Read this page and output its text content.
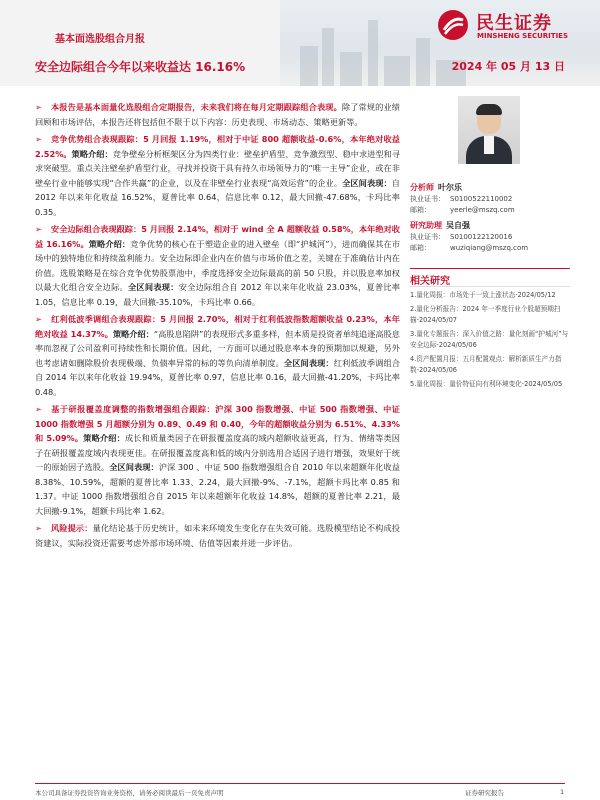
基本面选股组合月报
安全边际组合今年以来收益达 16.16%	2024 年 05 月 13 日
民生证券
MINSHENG SECURITIES

➢ 本报告是基本面量化选股组合定期报告，未来我们将在每月定期跟踪组合表现。除了常规的业绩回顾和市场评估，本报告还将包括但不限于以下内容：历史表现、市场动态、策略更新等。

➢ 竞争优势组合表现跟踪：5 月回报 1.19%，相对于中证 800 超额收益-0.6%，本年绝对收益 2.52%。策略介绍：竞争壁垒分析框架区分为四类行业：壁垒护盾型、竞争激烈型、稳中求进型和寻求突破型。重点关注壁垒护盾型行业，寻找并投资于具有持久市场领导力的“唯一主导”企业，或在非壁垒行业中能够实现“合作共赢”的企业，以及在非壁垒行业表现“高效运营”的企业。全区间表现：自 2012 年以来年化收益 16.52%，夏普比率 0.64，信息比率 0.12，最大回撤-47.68%，卡玛比率 0.35。

➢ 安全边际组合表现跟踪：5 月回报 2.14%，相对于 wind 全 A 超额收益 0.58%，本年绝对收益 16.16%。策略介绍：竞争优势的核心在于塑造企业的进入壁垒（即“护城河”），进而确保其在市场中的独特地位和持续盈利能力。安全边际即企业内在价值与市场价值之差，关键在于准确估计内在价值。选股策略是在综合竞争优势股票池中，季度选择安全边际最高的前 50 只股，并以股息率加权以最大化组合安全边际。全区间表现：安全边际组合自 2012 年以来年化收益 23.03%，夏普比率 1.05，信息比率 0.19，最大回撤-35.10%，卡玛比率 0.66。

➢ 红利低波季调组合表现跟踪：5 月回报 2.70%，相对于红利低波指数超额收益 0.23%，本年绝对收益 14.37%。策略介绍：“高股息陷阱”的表现形式多重多样，但本质是投资者单纯追逐高股息率而忽视了公司盈利可持续性和长期价值。因此，一方面可以通过股息率本身的预期加以规避，另外也考虑诸如删除股价表现极端、负债率异常的标的等负向清单制度。全区间表现：红利低波季调组合自 2014 年以来年化收益 19.94%，夏普比率 0.97，信息比率 0.16，最大回撤-41.20%，卡玛比率 0.48。

➢ 基于研报覆盖度调整的指数增强组合跟踪：沪深 300 指数增强、中证 500 指数增强、中证 1000 指数增强 5 月超额分别为 0.89、0.49 和 0.40，今年的超额收益分别为 6.51%、4.33%和 5.09%。策略介绍：成长和质量类因子在研报覆盖度高的域内超额收益更高，行为、情绪等类因子在研报覆盖度域内表现更佳。在研报覆盖度高和低的域内分别选用合适因子进行增强，效果好于统一的原始因子选股。全区间表现：沪深 300 、中证 500 指数增强组合自 2010 年以来超额年化收益 8.38%、10.59%，超额的夏普比率 1.33、2.24，最大回撤-9%、-7.1%，超额卡玛比率 0.85 和 1.37。中证 1000 指数增强组合自 2015 年以来超额年化收益 14.8%，超额的夏普比率 2.21，最大回撤-9.1%，超额卡玛比率 1.62。

➢ 风险提示：量化结论基于历史统计，如未来环境发生变化存在失效可能。选股模型结论不构成投资建议，实际投资还需要考虑外部市场环境、估值等因素并进一步评估。

分析师 叶尔乐
执业证书： S0100522110002
邮箱：	yeerle@mszq.com
研究助理 吴自强
执业证书： S0100122120016
邮箱：	wuziqiang@mszq.com
相关研究
1.量化周报：市场处于一致上涨状态-2024/05/12
2.量化分析报告：2024 年一季度行业个股超预期扫描-2024/05/07
3.量化专题报告：深入价值之路：量化刻画“护城河”与安全边际-2024/05/06
4.资产配置月报：五月配置观点：解析新质生产力指数-2024/05/06
5.量化周报：量价特征向有利环境变化-2024/05/05
本公司具备证券投资咨询业务资格，请务必阅读最后一页免责声明	证券研究报告	1
